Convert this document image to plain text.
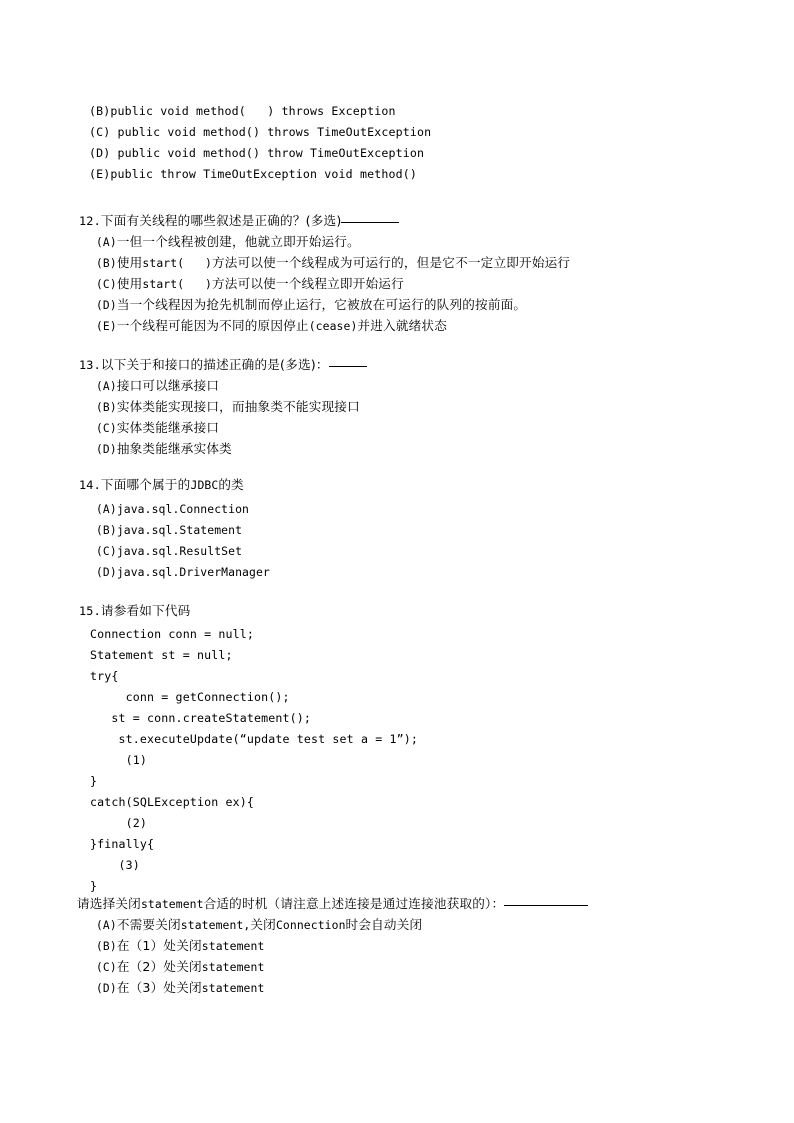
(B)public void method(   ) throws Exception
(C) public void method() throws TimeOutException
(D) public void method() throw TimeOutException
(E)public throw TimeOutException void method()
12.下面有关线程的哪些叙述是正确的？(多选)
(A)一但一个线程被创建，他就立即开始运行。
(B)使用start(   )方法可以使一个线程成为可运行的，但是它不一定立即开始运行
(C)使用start(   )方法可以使一个线程立即开始运行
(D)当一个线程因为抢先机制而停止运行，它被放在可运行的队列的按前面。
(E)一个线程可能因为不同的原因停止(cease)并进入就绪状态
13.以下关于和接口的描述正确的是(多选)：
(A)接口可以继承接口
(B)实体类能实现接口，而抽象类不能实现接口
(C)实体类能继承接口
(D)抽象类能继承实体类
14.下面哪个属于的JDBC的类
(A)java.sql.Connection
(B)java.sql.Statement
(C)java.sql.ResultSet
(D)java.sql.DriverManager
15.请参看如下代码
Connection conn = null;
Statement st = null;
try{
conn = getConnection();
st = conn.createStatement();
st.executeUpdate(“update test set a = 1”);
(1)
}
catch(SQLException ex){
(2)
}finally{
(3)
}
请选择关闭statement合适的时机（请注意上述连接是通过连接池获取的）：
(A)不需要关闭statement,关闭Connection时会自动关闭
(B)在（1）处关闭statement
(C)在（2）处关闭statement
(D)在（3）处关闭statement
